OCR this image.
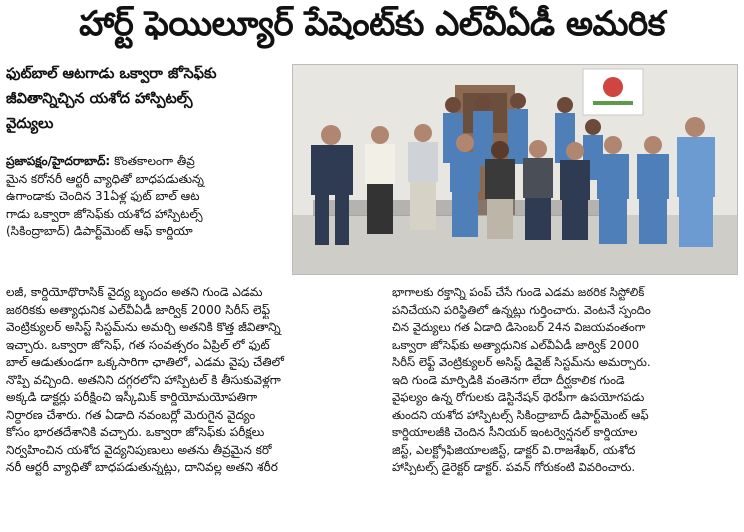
హార్ట్ ఫెయిల్యూర్ పేషెంట్‌కు ఎల్‌వీఏడీ అమరిక
ఫుట్‌బాల్ ఆటగాడు ఒక్వారా జోసెఫ్‌కు
జీవితాన్నిచ్చిన యశోద హాస్పిటల్స్
వైద్యులు
ప్రజాపక్షం/హైదరాబాద్: కొంతకాలంగా తీవ్ర
మైన కరోనరీ ఆర్టరీ వ్యాధితో బాధపడుతున్న
ఉగాండాకు చెందిన 31ఏళ్ల ఫుట్ బాల్ ఆట
గాడు ఒక్వారా జోసెఫ్‌కు యశోద హాస్పిటల్స్
(సికింద్రాబాద్) డిపార్ట్‌మెంట్ ఆఫ్ కార్డియా
లజీ, కార్డియోథొరాసిక్ వైద్య బృందం అతని గుండె ఎడమ
జఠరికకు అత్యాధునిక ఎల్‌వీఏడీ జార్విక్ 2000 సిరీస్ లెఫ్ట్
వెంట్రిక్యులర్ అసిస్ట్ సిస్టమ్‌ను అమర్చి అతనికి కొత్త జీవితాన్ని
ఇచ్చారు. ఒక్వారా జోసెఫ్, గత సంవత్సరం ఏప్రిల్ లో ఫుట్
బాల్ ఆడుతుండగా ఒక్కసారిగా ఛాతిలో, ఎడమ వైపు చేతిలో
నొప్పి వచ్చింది. అతనిని దగ్గరలోని హాస్పిటల్ కి తీసుకువెళ్లగా
అక్కడి డాక్టర్లు పరీక్షించి ఇస్కీమిక్ కార్డియోమయోపతిగా
నిర్ధారణ చేశారు. గత ఏడాది నవంబర్లో మెరుగైన వైద్యం
కోసం భారతదేశానికి వచ్చారు. ఒక్వారా జోసెఫ్‌కు పరీక్షలు
నిర్వహించిన యశోద వైద్యనిపుణులు అతను తీవ్రమైన కరో
నరీ ఆర్టరీ వ్యాధితో బాధపడుతున్నట్లు, దానివల్ల అతని శరీర
భాగాలకు రక్తాన్ని పంప్ చేసే గుండె ఎడమ జఠరిక సిస్టోలిక్
పనిచేయని పరిస్థితిలో ఉన్నట్లు గుర్తించారు. వెంటనే స్పందిం
చిన వైద్యులు గత ఏడాది డిసెంబర్ 24న విజయవంతంగా
ఒక్వారా జోసెఫ్‌కు అత్యాధునిక ఎల్‌వీఏడీ జార్విక్ 2000
సిరీస్ లెఫ్ట్ వెంట్రిక్యులర్ అసిస్ట్ డివైజ్ సిస్టమ్‌ను అమర్చారు.
ఇది గుండె మార్పిడికి వంతెనగా లేదా దీర్ఘకాలిక గుండె
వైఫల్యం ఉన్న రోగులకు డెస్టినేషన్ థెరపీగా ఉపయోగపడు
తుందని యశోద హాస్పిటల్స్ సికింద్రాబాద్ డిపార్ట్‌మెంట్ ఆఫ్
కార్డియాలజీకి చెందిన సీనియర్ ఇంటర్వెన్షనల్ కార్డియాల
జిస్ట్, ఎలక్ట్రోఫిజియాలజిస్ట్, డాక్టర్ వి.రాజశేఖర్, యశోద
హాస్పిటల్స్ డైరెక్టర్ డాక్టర్. పవన్ గోరుకంటి వివరించారు.
